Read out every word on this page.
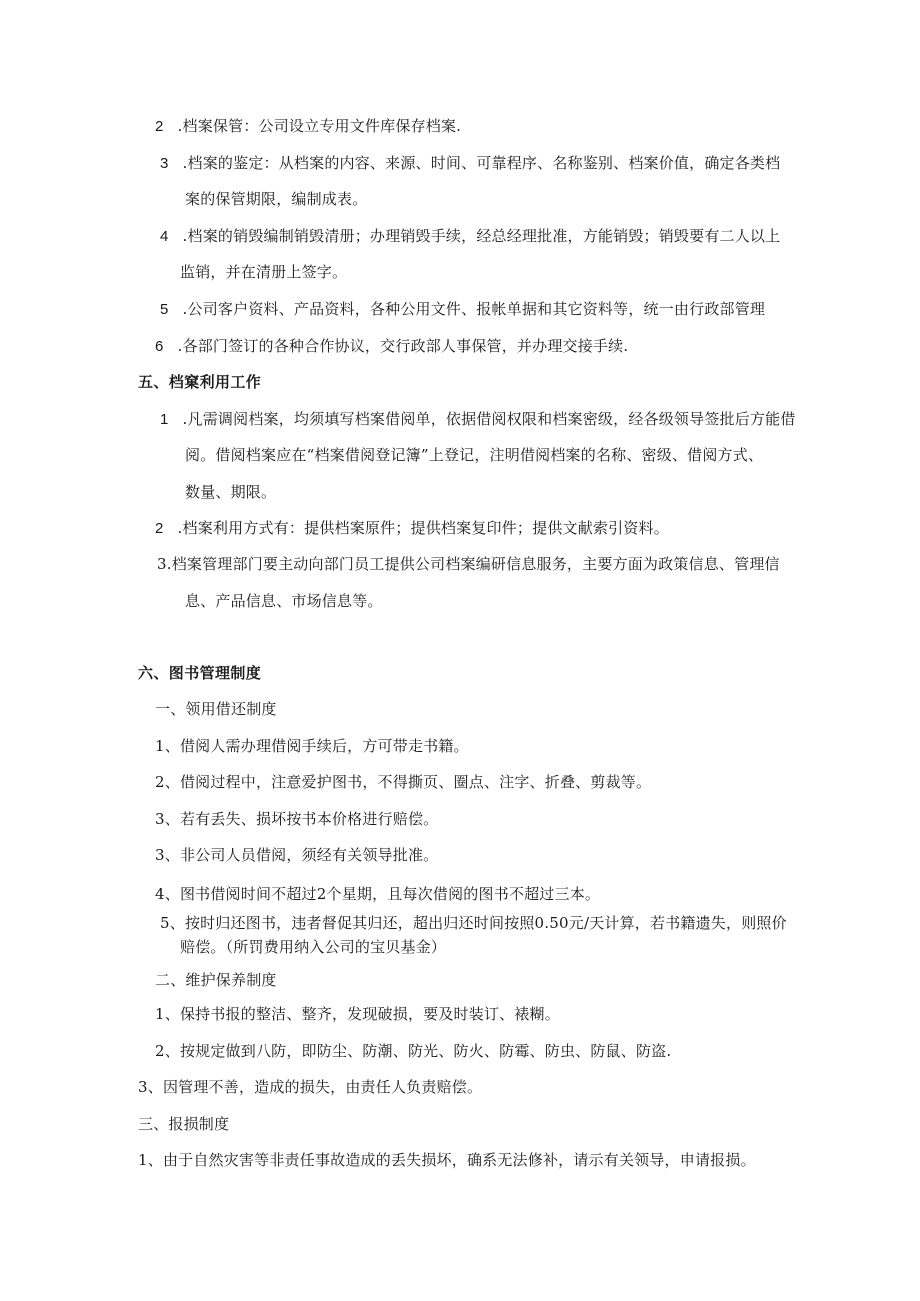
2 .档案保管：公司设立专用文件库保存档案.
3 .档案的鉴定：从档案的内容、来源、时间、可靠程序、名称鉴别、档案价值，确定各类档
案的保管期限，编制成表。
4 .档案的销毁编制销毁清册；办理销毁手续，经总经理批准，方能销毁；销毁要有二人以上
监销，并在清册上签字。
5 .公司客户资料、产品资料，各种公用文件、报帐单据和其它资料等，统一由行政部管理
6 .各部门签订的各种合作协议，交行政部人事保管，并办理交接手续.
五、档窠利用工作
1 .凡需调阅档案，均须填写档案借阅单，依据借阅权限和档案密级，经各级领导签批后方能借
阅。借阅档案应在“档案借阅登记簿”上登记，注明借阅档案的名称、密级、借阅方式、
数量、期限。
2 .档案利用方式有：提供档案原件；提供档案复印件；提供文献索引资料。
3.档案管理部门要主动向部门员工提供公司档案编研信息服务，主要方面为政策信息、管理信
息、产品信息、市场信息等。
六、图书管理制度
一、领用借还制度
1、借阅人需办理借阅手续后，方可带走书籍。
2、借阅过程中，注意爱护图书，不得撕页、圈点、注字、折叠、剪裁等。
3、若有丢失、损坏按书本价格进行赔偿。
3、非公司人员借阅，须经有关领导批准。
4、图书借阅时间不超过2个星期，且每次借阅的图书不超过三本。
5、按时归还图书，违者督促其归还，超出归还时间按照0.50元/天计算，若书籍遗失，则照价
赔偿。（所罚费用纳入公司的宝贝基金）
二、维护保养制度
1、保持书报的整洁、整齐，发现破损，要及时装订、裱糊。
2、按规定做到八防，即防尘、防潮、防光、防火、防霉、防虫、防鼠、防盗.
3、因管理不善，造成的损失，由责任人负责赔偿。
三、报损制度
1、由于自然灾害等非责任事故造成的丢失损坏，确系无法修补，请示有关领导，申请报损。
